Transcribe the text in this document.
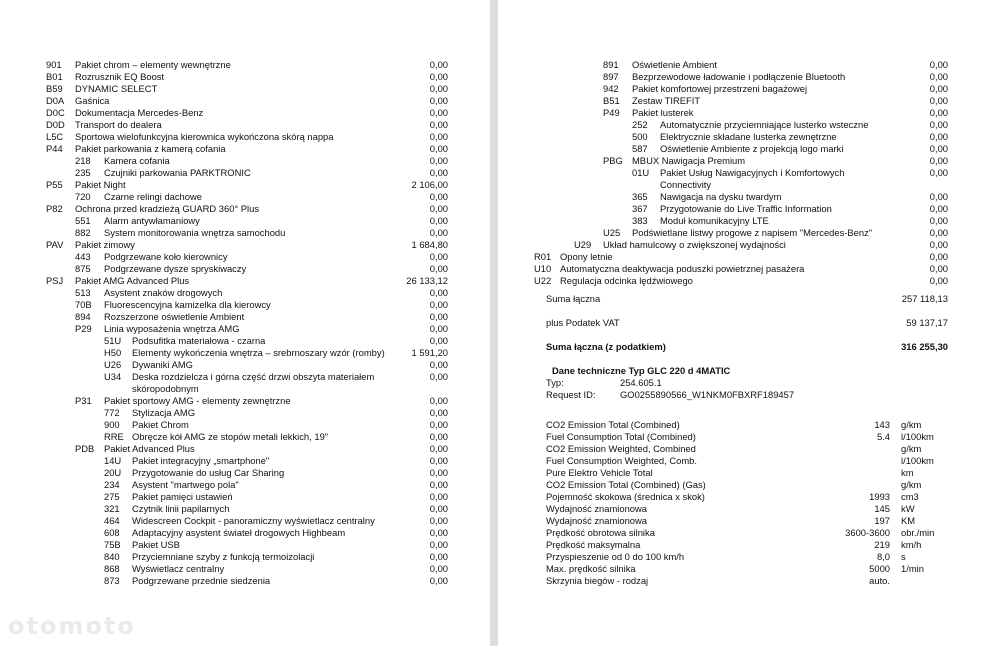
901 Pakiet chrom – elementy wewnętrzne	0,00
B01 Rozrusznik EQ Boost	0,00
B59 DYNAMIC SELECT	0,00
D0A Gaśnica	0,00
D0C Dokumentacja Mercedes-Benz	0,00
D0D Transport do dealera	0,00
L5C Sportowa wielofunkcyjna kierownica wykończona skórą nappa	0,00
P44 Pakiet parkowania z kamerą cofania	0,00
218 Kamera cofania	0,00
235 Czujniki parkowania PARKTRONIC	0,00
P55 Pakiet Night	2 106,00
720 Czarne relingi dachowe	0,00
P82 Ochrona przed kradzieżą GUARD 360° Plus	0,00
551 Alarm antywłamaniowy	0,00
882 System monitorowania wnętrza samochodu	0,00
PAV Pakiet zimowy	1 684,80
443 Podgrzewane koło kierownicy	0,00
875 Podgrzewane dysze spryskiwaczy	0,00
PSJ Pakiet AMG Advanced Plus	26 133,12
513 Asystent znaków drogowych	0,00
70B Fluorescencyjna kamizelka dla kierowcy	0,00
894 Rozszerzone oświetlenie Ambient	0,00
P29 Linia wyposażenia wnętrza AMG	0,00
51U Podsufitka materiałowa - czarna	0,00
H50 Elementy wykończenia wnętrza – srebrnoszary wzór (romby)	1 591,20
U26 Dywaniki AMG	0,00
U34 Deska rozdzielcza i górna część drzwi obszyta materiałem	0,00
skóropodobnym
P31 Pakiet sportowy AMG - elementy zewnętrzne	0,00
772 Stylizacja AMG	0,00
900 Pakiet Chrom	0,00
RRE Obręcze kół AMG ze stopów metali lekkich, 19"	0,00
PDB Pakiet Advanced Plus	0,00
14U Pakiet integracyjny „smartphone"	0,00
20U Przygotowanie do usług Car Sharing	0,00
234 Asystent "martwego pola"	0,00
275 Pakiet pamięci ustawień	0,00
321 Czytnik linii papilarnych	0,00
464 Widescreen Cockpit - panoramiczny wyświetlacz centralny	0,00
608 Adaptacyjny asystent świateł drogowych Highbeam	0,00
75B Pakiet USB	0,00
840 Przyciemniane szyby z funkcją termoizolacji	0,00
868 Wyświetlacz centralny	0,00
873 Podgrzewane przednie siedzenia	0,00
Suma łączna	257 118,13
plus Podatek VAT	59 137,17
Suma łączna (z podatkiem)	316 255,30
Dane techniczne Typ GLC 220 d 4MATIC
Typ:	254.605.1
Request ID:	GO0255890566_W1NKM0FBXRF189457
CO2 Emission Total (Combined)	143 g/km
Fuel Consumption Total (Combined)	5.4 l/100km
CO2 Emission Weighted, Combined	g/km
Fuel Consumption Weighted, Comb.	l/100km
Pure Elektro Vehicle Total	km
CO2 Emission Total (Combined) (Gas)	g/km
Pojemność skokowa (średnica x skok)	1993 cm3
Wydajność znamionowa	145 kW
Wydajność znamionowa	197 KM
Prędkość obrotowa silnika	3600-3600 obr./min
Prędkość maksymalna	219 km/h
Przyspieszenie od 0 do 100 km/h	8,0 s
Max. prędkość silnika	5000 1/min
Skrzynia biegów - rodzaj	auto.
891 Oświetlenie Ambient	0,00
897 Bezprzewodowe ładowanie i podłączenie Bluetooth	0,00
942 Pakiet komfortowej przestrzeni bagażowej	0,00
B51 Zestaw TIREFIT	0,00
P49 Pakiet lusterek	0,00
252 Automatycznie przyciemniające lusterko wsteczne	0,00
500 Elektrycznie składane lusterka zewnętrzne	0,00
587 Oświetlenie Ambiente z projekcją logo marki	0,00
PBG MBUX Nawigacja Premium	0,00
01U Pakiet Usług Nawigacyjnych i Komfortowych	0,00
Connectivity
365 Nawigacja na dysku twardym	0,00
367 Przygotowanie do Live Traffic Information	0,00
383 Moduł komunikacyjny LTE	0,00
U25 Podświetlane listwy progowe z napisem "Mercedes-Benz"	0,00
U29 Układ hamulcowy o zwiększonej wydajności	0,00
R01 Opony letnie	0,00
U10 Automatyczna deaktywacja poduszki powietrznej pasażera	0,00
U22 Regulacja odcinka lędźwiowego	0,00
otomoto
